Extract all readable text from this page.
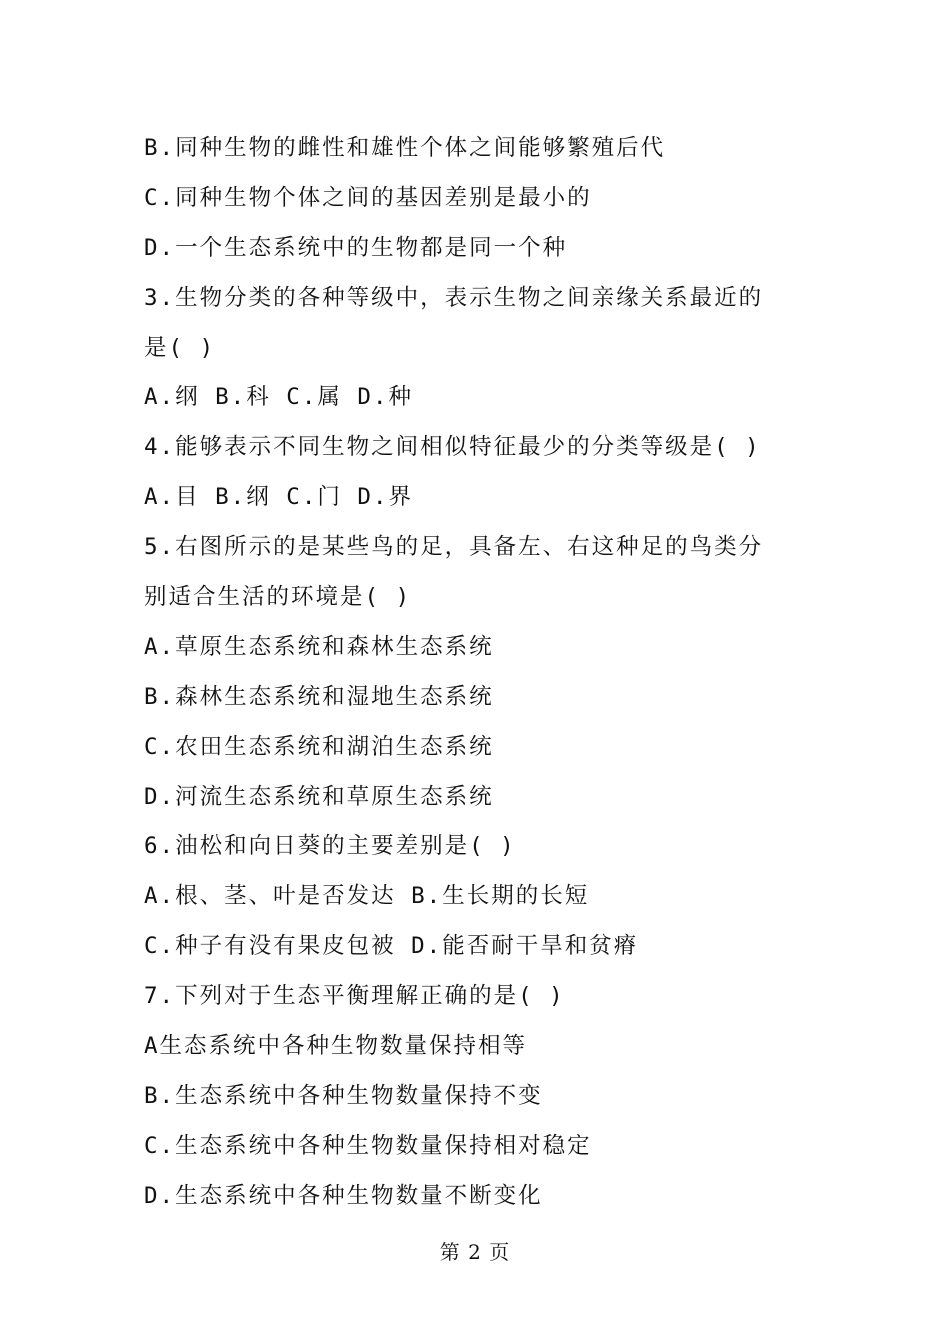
B.同种生物的雌性和雄性个体之间能够繁殖后代
C.同种生物个体之间的基因差别是最小的
D.一个生态系统中的生物都是同一个种
3.生物分类的各种等级中，表示生物之间亲缘关系最近的
是( )
A.纲 B.科 C.属 D.种
4.能够表示不同生物之间相似特征最少的分类等级是( )
A.目 B.纲 C.门 D.界
5.右图所示的是某些鸟的足，具备左、右这种足的鸟类分
别适合生活的环境是( )
A.草原生态系统和森林生态系统
B.森林生态系统和湿地生态系统
C.农田生态系统和湖泊生态系统
D.河流生态系统和草原生态系统
6.油松和向日葵的主要差别是( )
A.根、茎、叶是否发达 B.生长期的长短
C.种子有没有果皮包被 D.能否耐干旱和贫瘠
7.下列对于生态平衡理解正确的是( )
A生态系统中各种生物数量保持相等
B.生态系统中各种生物数量保持不变
C.生态系统中各种生物数量保持相对稳定
D.生态系统中各种生物数量不断变化
第 2 页
